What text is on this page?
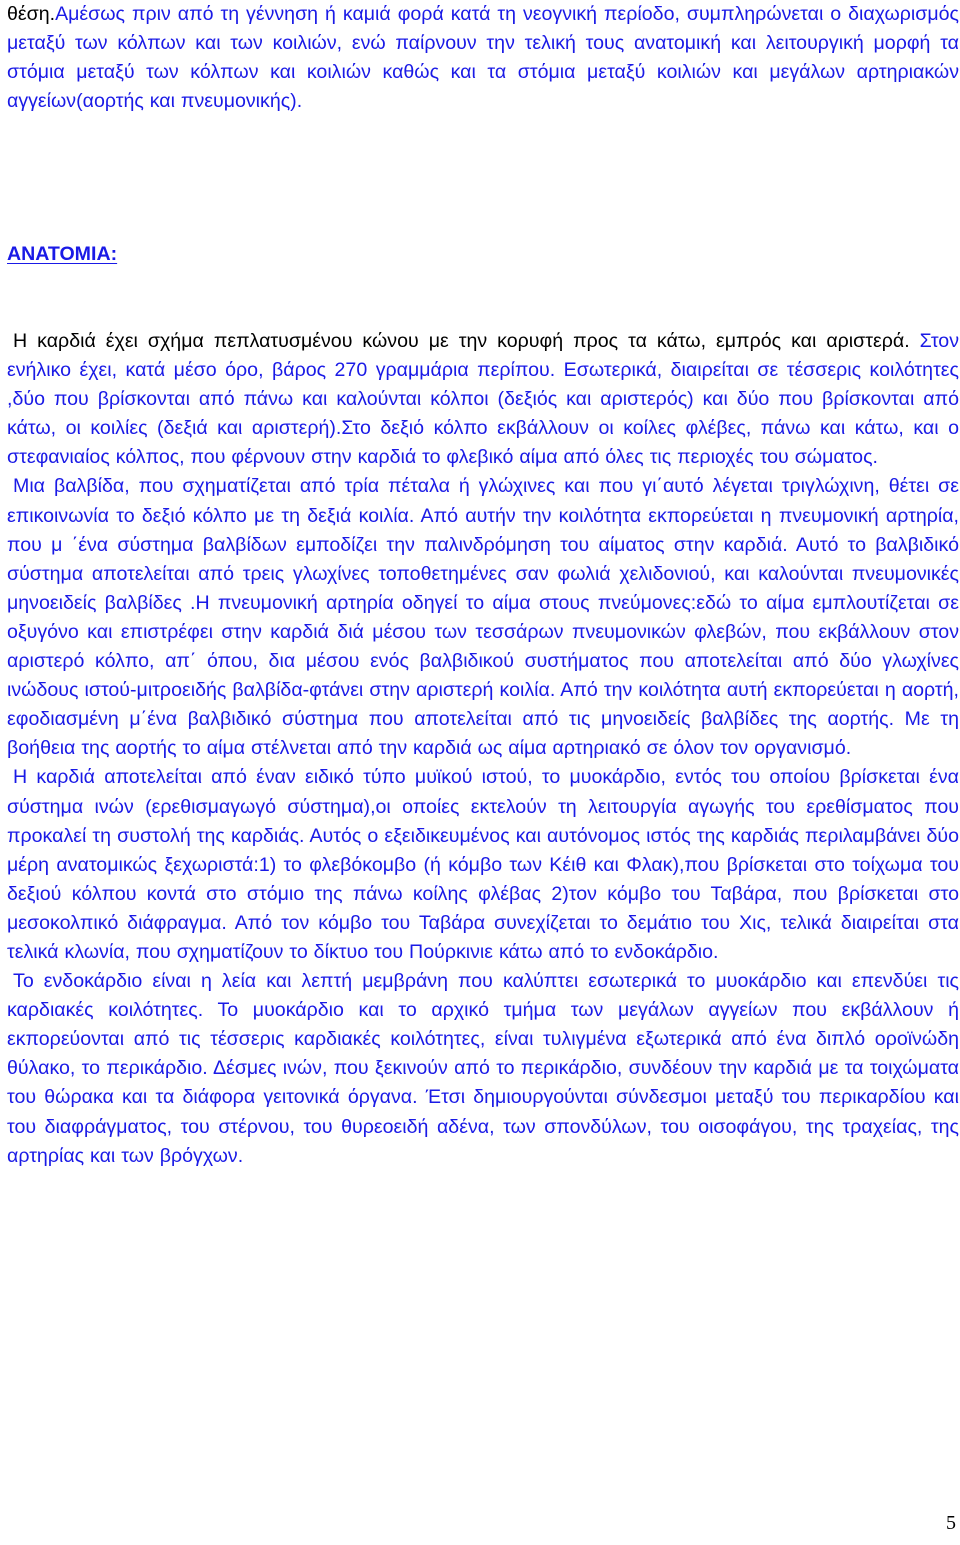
θέση.Αμέσως πριν από τη γέννηση ή καμιά φορά κατά τη νεογνική περίοδο, συμπληρώνεται ο διαχωρισμός μεταξύ των κόλπων και των κοιλιών, ενώ παίρνουν την τελική τους ανατομική και λειτουργική μορφή τα στόμια μεταξύ των κόλπων και κοιλιών καθώς και τα στόμια μεταξύ κοιλιών και μεγάλων αρτηριακών αγγείων(αορτής και πνευμονικής).
ΑΝΑΤΟΜΙΑ:

Η καρδιά έχει σχήμα πεπλατυσμένου κώνου με την κορυφή προς τα κάτω, εμπρός και αριστερά. Στον ενήλικο έχει, κατά μέσο όρο, βάρος 270 γραμμάρια περίπου. Εσωτερικά, διαιρείται σε τέσσερις κοιλότητες ,δύο που βρίσκονται από πάνω και καλούνται κόλποι (δεξιός και αριστερός) και δύο που βρίσκονται από κάτω, οι κοιλίες (δεξιά και αριστερή).Στο δεξιό κόλπο εκβάλλουν οι κοίλες φλέβες, πάνω και κάτω, και ο στεφανιαίος κόλπος, που φέρνουν στην καρδιά το φλεβικό αίμα από όλες τις περιοχές του σώματος.

Μια βαλβίδα, που σχηματίζεται από τρία πέταλα ή γλώχινες και που γι΄αυτό λέγεται τριγλώχινη, θέτει σε επικοινωνία το δεξιό κόλπο με τη δεξιά κοιλία. Από αυτήν την κοιλότητα εκπορεύεται η πνευμονική αρτηρία, που μ ΄ένα σύστημα βαλβίδων εμποδίζει την παλινδρόμηση του αίματος στην καρδιά. Αυτό το βαλβιδικό σύστημα αποτελείται από τρεις γλωχίνες τοποθετημένες σαν φωλιά χελιδονιού, και καλούνται πνευμονικές μηνοειδείς βαλβίδες .Η πνευμονική αρτηρία οδηγεί το αίμα στους πνεύμονες:εδώ το αίμα εμπλουτίζεται σε οξυγόνο και επιστρέφει στην καρδιά διά μέσου των τεσσάρων πνευμονικών φλεβών, που εκβάλλουν στον αριστερό κόλπο, απ΄ όπου, δια μέσου ενός βαλβιδικού συστήματος που αποτελείται από δύο γλωχίνες ινώδους ιστού-μιτροειδής βαλβίδα-φτάνει στην αριστερή κοιλία. Από την κοιλότητα αυτή εκπορεύεται η αορτή, εφοδιασμένη μ΄ένα βαλβιδικό σύστημα που αποτελείται από τις μηνοειδείς βαλβίδες της αορτής. Με τη βοήθεια της αορτής το αίμα στέλνεται από την καρδιά ως αίμα αρτηριακό σε όλον τον οργανισμό.

Η καρδιά αποτελείται από έναν ειδικό τύπο μυϊκού ιστού, το μυοκάρδιο, εντός του οποίου βρίσκεται ένα σύστημα ινών (ερεθισμαγωγό σύστημα),οι οποίες εκτελούν τη λειτουργία αγωγής του ερεθίσματος που προκαλεί τη συστολή της καρδιάς. Αυτός ο εξειδικευμένος και αυτόνομος ιστός της καρδιάς περιλαμβάνει δύο μέρη ανατομικώς ξεχωριστά:1) το φλεβόκομβο (ή κόμβο των Κέιθ και Φλακ),που βρίσκεται στο τοίχωμα του δεξιού κόλπου κοντά στο στόμιο της πάνω κοίλης φλέβας 2)τον κόμβο του Ταβάρα, που βρίσκεται στο μεσοκολπικό διάφραγμα. Από τον κόμβο του Ταβάρα συνεχίζεται το δεμάτιο του Χις, τελικά διαιρείται στα τελικά κλωνία, που σχηματίζουν το δίκτυο του Πούρκινιε κάτω από το ενδοκάρδιο.

Το ενδοκάρδιο είναι η λεία και λεπτή μεμβράνη που καλύπτει εσωτερικά το μυοκάρδιο και επενδύει τις καρδιακές κοιλότητες. Το μυοκάρδιο και το αρχικό τμήμα των μεγάλων αγγείων που εκβάλλουν ή εκπορεύονται από τις τέσσερις καρδιακές κοιλότητες, είναι τυλιγμένα εξωτερικά από ένα διπλό οροϊνώδη θύλακο, το περικάρδιο. Δέσμες ινών, που ξεκινούν από το περικάρδιο, συνδέουν την καρδιά με τα τοιχώματα του θώρακα και τα διάφορα γειτονικά όργανα. Έτσι δημιουργούνται σύνδεσμοι μεταξύ του περικαρδίου και του διαφράγματος, του στέρνου, του θυρεοειδή αδένα, των σπονδύλων, του οισοφάγου, της τραχείας, της αρτηρίας και των βρόγχων.

5
